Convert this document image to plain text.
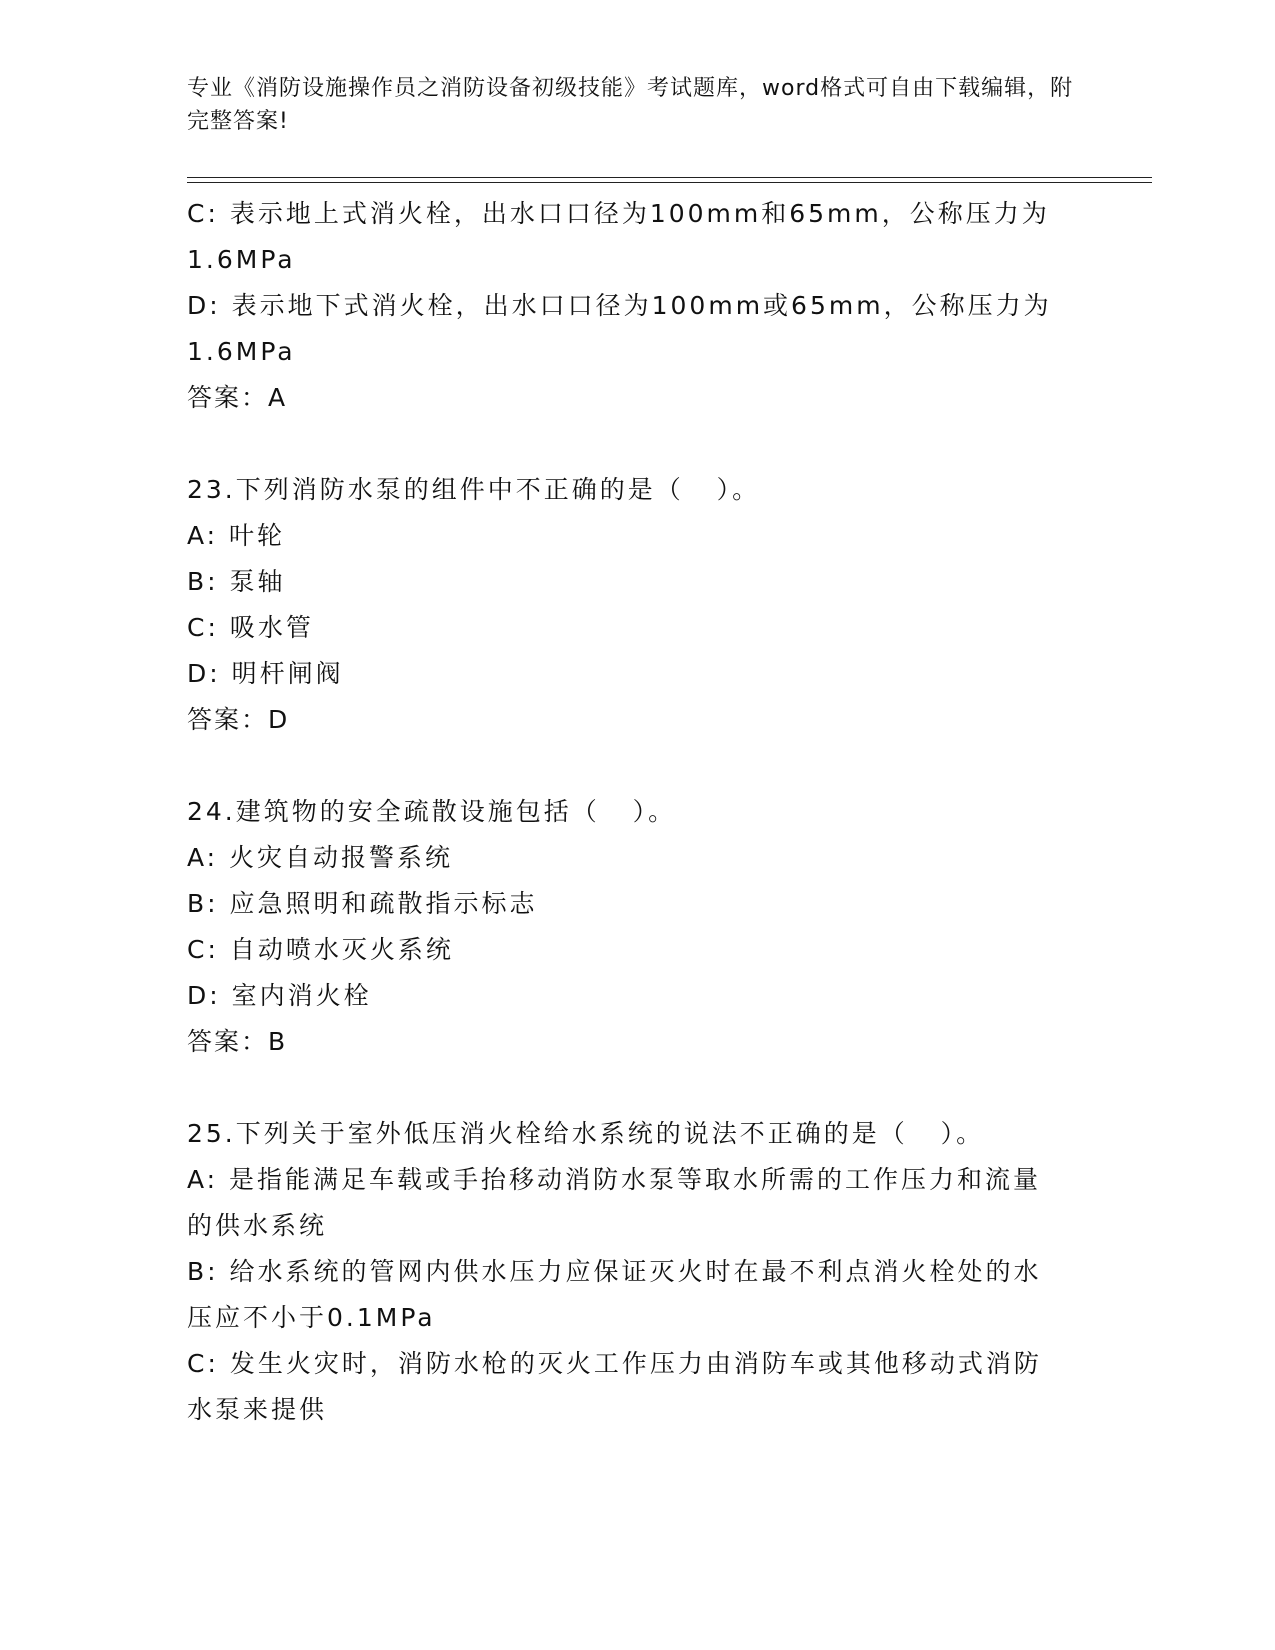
专业《消防设施操作员之消防设备初级技能》考试题库，word格式可自由下载编辑，附完整答案!
C: 表示地上式消火栓，出水口口径为100mm和65mm，公称压力为
1.6MPa
D: 表示地下式消火栓，出水口口径为100mm或65mm，公称压力为
1.6MPa
答案：A
23.下列消防水泵的组件中不正确的是（   ）。
A: 叶轮
B: 泵轴
C: 吸水管
D: 明杆闸阀
答案：D
24.建筑物的安全疏散设施包括（   ）。
A: 火灾自动报警系统
B: 应急照明和疏散指示标志
C: 自动喷水灭火系统
D: 室内消火栓
答案：B
25.下列关于室外低压消火栓给水系统的说法不正确的是（   ）。
A: 是指能满足车载或手抬移动消防水泵等取水所需的工作压力和流量
的供水系统
B: 给水系统的管网内供水压力应保证灭火时在最不利点消火栓处的水
压应不小于0.1MPa
C: 发生火灾时，消防水枪的灭火工作压力由消防车或其他移动式消防
水泵来提供
